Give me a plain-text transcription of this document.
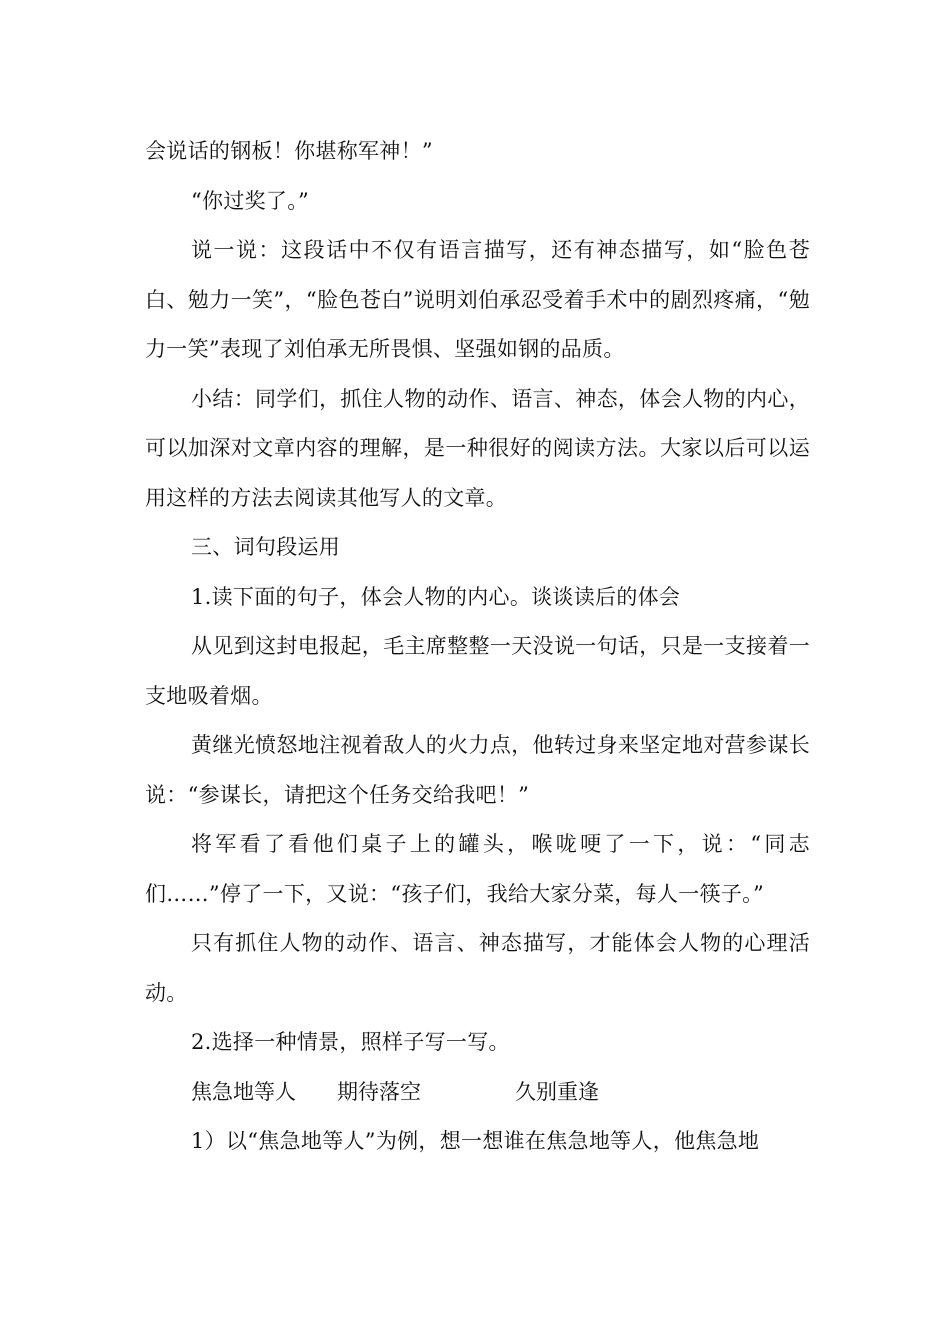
会说话的钢板！你堪称军神！”

“你过奖了。”

说一说：这段话中不仅有语言描写，还有神态描写，如“脸色苍白、勉力一笑”，“脸色苍白”说明刘伯承忍受着手术中的剧烈疼痛，“勉力一笑”表现了刘伯承无所畏惧、坚强如钢的品质。

小结：同学们，抓住人物的动作、语言、神态，体会人物的内心，可以加深对文章内容的理解，是一种很好的阅读方法。大家以后可以运用这样的方法去阅读其他写人的文章。

三、词句段运用

1.读下面的句子，体会人物的内心。谈谈读后的体会

从见到这封电报起，毛主席整整一天没说一句话，只是一支接着一支地吸着烟。

黄继光愤怒地注视着敌人的火力点，他转过身来坚定地对营参谋长说：“参谋长，请把这个任务交给我吧！”

将军看了看他们桌子上的罐头，喉咙哽了一下，说：“同志们……”停了一下，又说：“孩子们，我给大家分菜，每人一筷子。”

只有抓住人物的动作、语言、神态描写，才能体会人物的心理活动。

2.选择一种情景，照样子写一写。

焦急地等人 期待落空	久别重逢

1）以“焦急地等人”为例，想一想谁在焦急地等人，他焦急地
